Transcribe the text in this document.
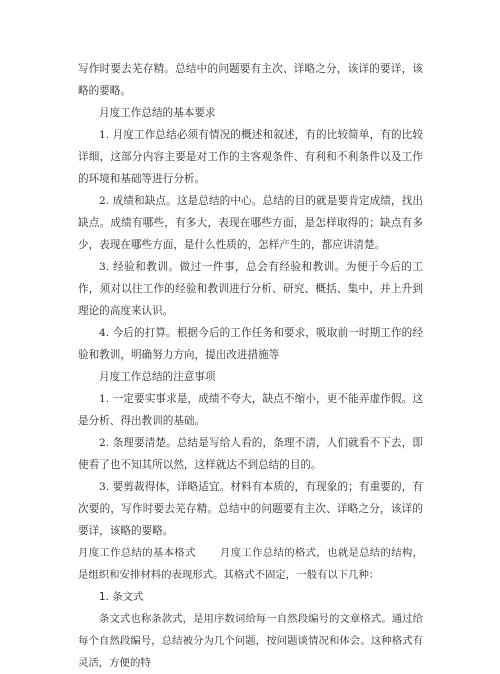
写作时要去芜存精。总结中的问题要有主次、详略之分，该详的要详，该略的要略。

月度工作总结的基本要求

1. 月度工作总结必须有情况的概述和叙述，有的比较简单，有的比较详细，这部分内容主要是对工作的主客观条件、有利和不利条件以及工作的环境和基础等进行分析。

2. 成绩和缺点。这是总结的中心。总结的目的就是要肯定成绩，找出缺点。成绩有哪些，有多大，表现在哪些方面，是怎样取得的；缺点有多少，表现在哪些方面，是什么性质的，怎样产生的，都应讲清楚。

3. 经验和教训。做过一件事，总会有经验和教训。为便于今后的工作，须对以往工作的经验和教训进行分析、研究、概括、集中，并上升到理论的高度来认识。

4. 今后的打算。根据今后的工作任务和要求，吸取前一时期工作的经验和教训，明确努力方向，提出改进措施等

月度工作总结的注意事项

1. 一定要实事求是，成绩不夸大，缺点不缩小，更不能弄虚作假。这是分析、得出教训的基础。

2. 条理要清楚。总结是写给人看的，条理不清，人们就看不下去，即使看了也不知其所以然，这样就达不到总结的目的。

3. 要剪裁得体，详略适宜。材料有本质的，有现象的；有重要的，有次要的，写作时要去芜存精。总结中的问题要有主次、详略之分，该详的要详，该略的要略。

月度工作总结的基本格式 月度工作总结的格式，也就是总结的结构，是组织和安排材料的表现形式。其格式不固定，一般有以下几种：

1. 条文式

条文式也称条款式，是用序数词给每一自然段编号的文章格式。通过给每个自然段编号，总结被分为几个问题，按问题谈情况和体会。这种格式有灵活，方便的特
